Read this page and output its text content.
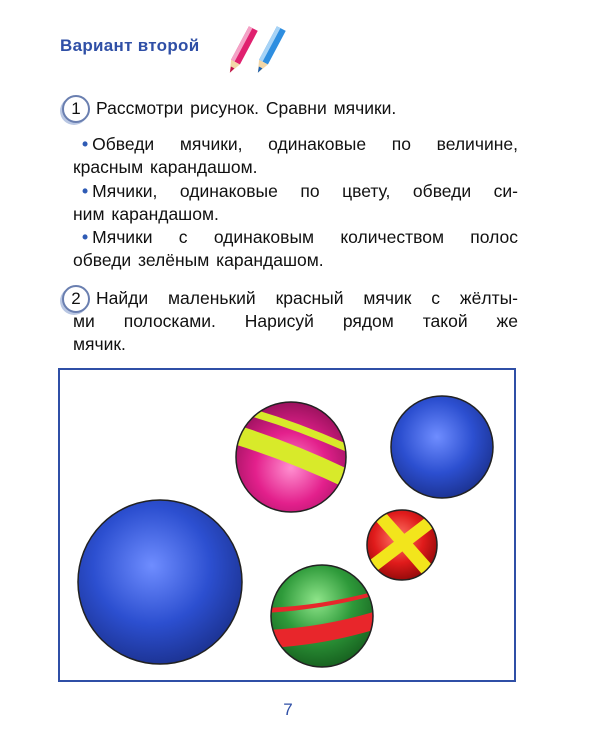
Вариант второй
1 Рассмотри рисунок. Сравни мячики.
• Обведи мячики, одинаковые по величине,
красным карандашом.
• Мячики, одинаковые по цвету, обведи си-
ним карандашом.
• Мячики с одинаковым количеством полос
обведи зелёным карандашом.
2 Найди маленький красный мячик с жёлты-
ми полосками. Нарисуй рядом такой же
мячик.
7
